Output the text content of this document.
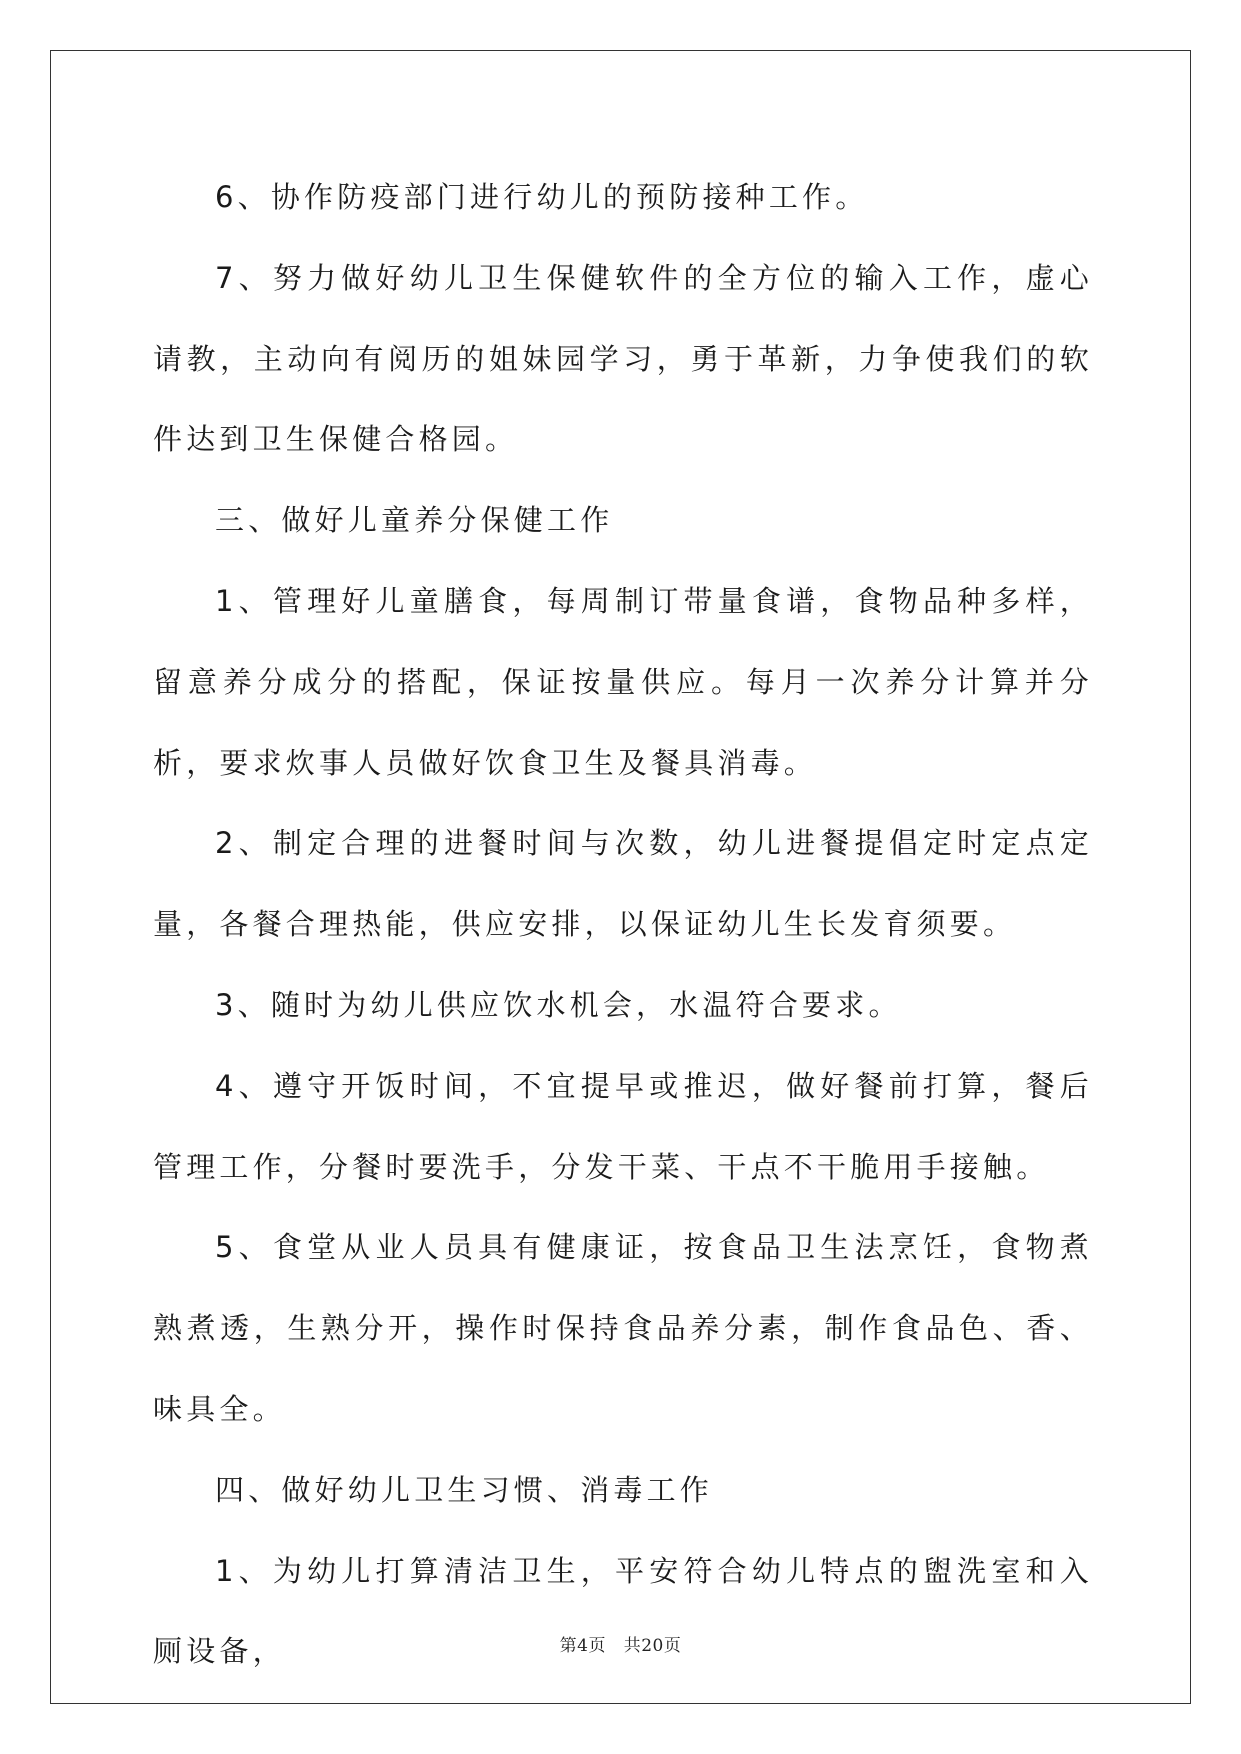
6、协作防疫部门进行幼儿的预防接种工作。

7、努力做好幼儿卫生保健软件的全方位的输入工作，虚心请教，主动向有阅历的姐妹园学习，勇于革新，力争使我们的软件达到卫生保健合格园。

三、做好儿童养分保健工作

1、管理好儿童膳食，每周制订带量食谱，食物品种多样，留意养分成分的搭配，保证按量供应。每月一次养分计算并分析，要求炊事人员做好饮食卫生及餐具消毒。

2、制定合理的进餐时间与次数，幼儿进餐提倡定时定点定量，各餐合理热能，供应安排，以保证幼儿生长发育须要。

3、随时为幼儿供应饮水机会，水温符合要求。

4、遵守开饭时间，不宜提早或推迟，做好餐前打算，餐后管理工作，分餐时要洗手，分发干菜、干点不干脆用手接触。

5、食堂从业人员具有健康证，按食品卫生法烹饪，食物煮熟煮透，生熟分开，操作时保持食品养分素，制作食品色、香、味具全。

四、做好幼儿卫生习惯、消毒工作

1、为幼儿打算清洁卫生，平安符合幼儿特点的盥洗室和入厕设备，	第4页 共20页
